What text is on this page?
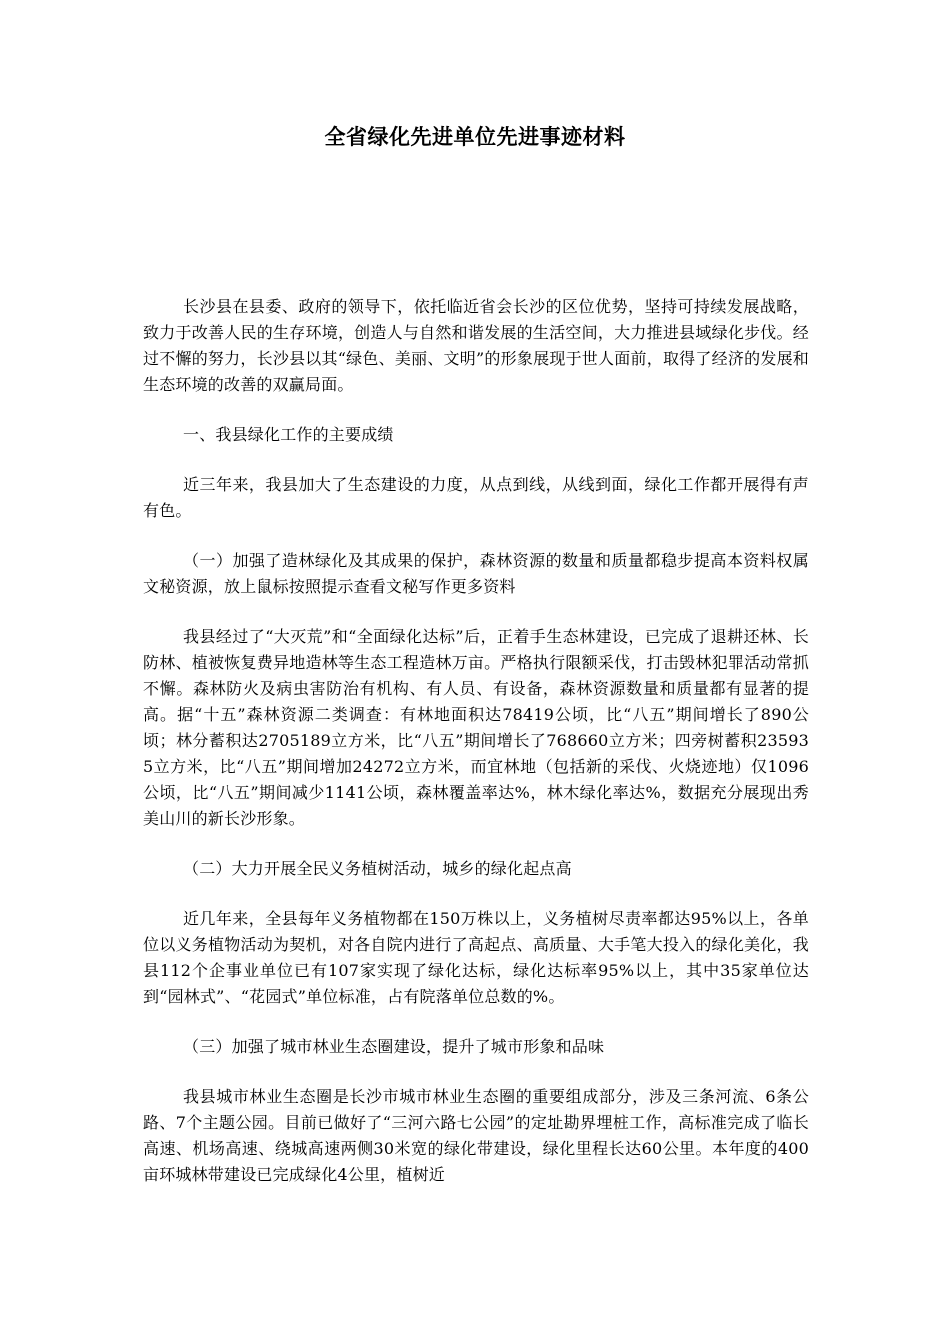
全省绿化先进单位先进事迹材料

长沙县在县委、政府的领导下，依托临近省会长沙的区位优势，坚持可持续发展战略，致力于改善人民的生存环境，创造人与自然和谐发展的生活空间，大力推进县域绿化步伐。经过不懈的努力，长沙县以其“绿色、美丽、文明”的形象展现于世人面前，取得了经济的发展和生态环境的改善的双赢局面。

一、我县绿化工作的主要成绩

近三年来，我县加大了生态建设的力度，从点到线，从线到面，绿化工作都开展得有声有色。

（一）加强了造林绿化及其成果的保护，森林资源的数量和质量都稳步提高本资料权属文秘资源，放上鼠标按照提示查看文秘写作更多资料

我县经过了“大灭荒”和“全面绿化达标”后，正着手生态林建设，已完成了退耕还林、长防林、植被恢复费异地造林等生态工程造林万亩。严格执行限额采伐，打击毁林犯罪活动常抓不懈。森林防火及病虫害防治有机构、有人员、有设备，森林资源数量和质量都有显著的提高。据“十五”森林资源二类调查：有林地面积达78419公顷，比“八五”期间增长了890公顷；林分蓄积达2705189立方米，比“八五”期间增长了768660立方米；四旁树蓄积235935立方米，比“八五”期间增加24272立方米，而宜林地（包括新的采伐、火烧迹地）仅1096公顷，比“八五”期间减少1141公顷，森林覆盖率达%，林木绿化率达%，数据充分展现出秀美山川的新长沙形象。

（二）大力开展全民义务植树活动，城乡的绿化起点高

近几年来，全县每年义务植物都在150万株以上，义务植树尽责率都达95%以上，各单位以义务植物活动为契机，对各自院内进行了高起点、高质量、大手笔大投入的绿化美化，我县112个企事业单位已有107家实现了绿化达标，绿化达标率95%以上，其中35家单位达到“园林式”、“花园式”单位标准，占有院落单位总数的%。

（三）加强了城市林业生态圈建设，提升了城市形象和品味

我县城市林业生态圈是长沙市城市林业生态圈的重要组成部分，涉及三条河流、6条公路、7个主题公园。目前已做好了“三河六路七公园”的定址勘界埋桩工作，高标准完成了临长高速、机场高速、绕城高速两侧30米宽的绿化带建设，绿化里程长达60公里。本年度的400亩环城林带建设已完成绿化4公里，植树近
